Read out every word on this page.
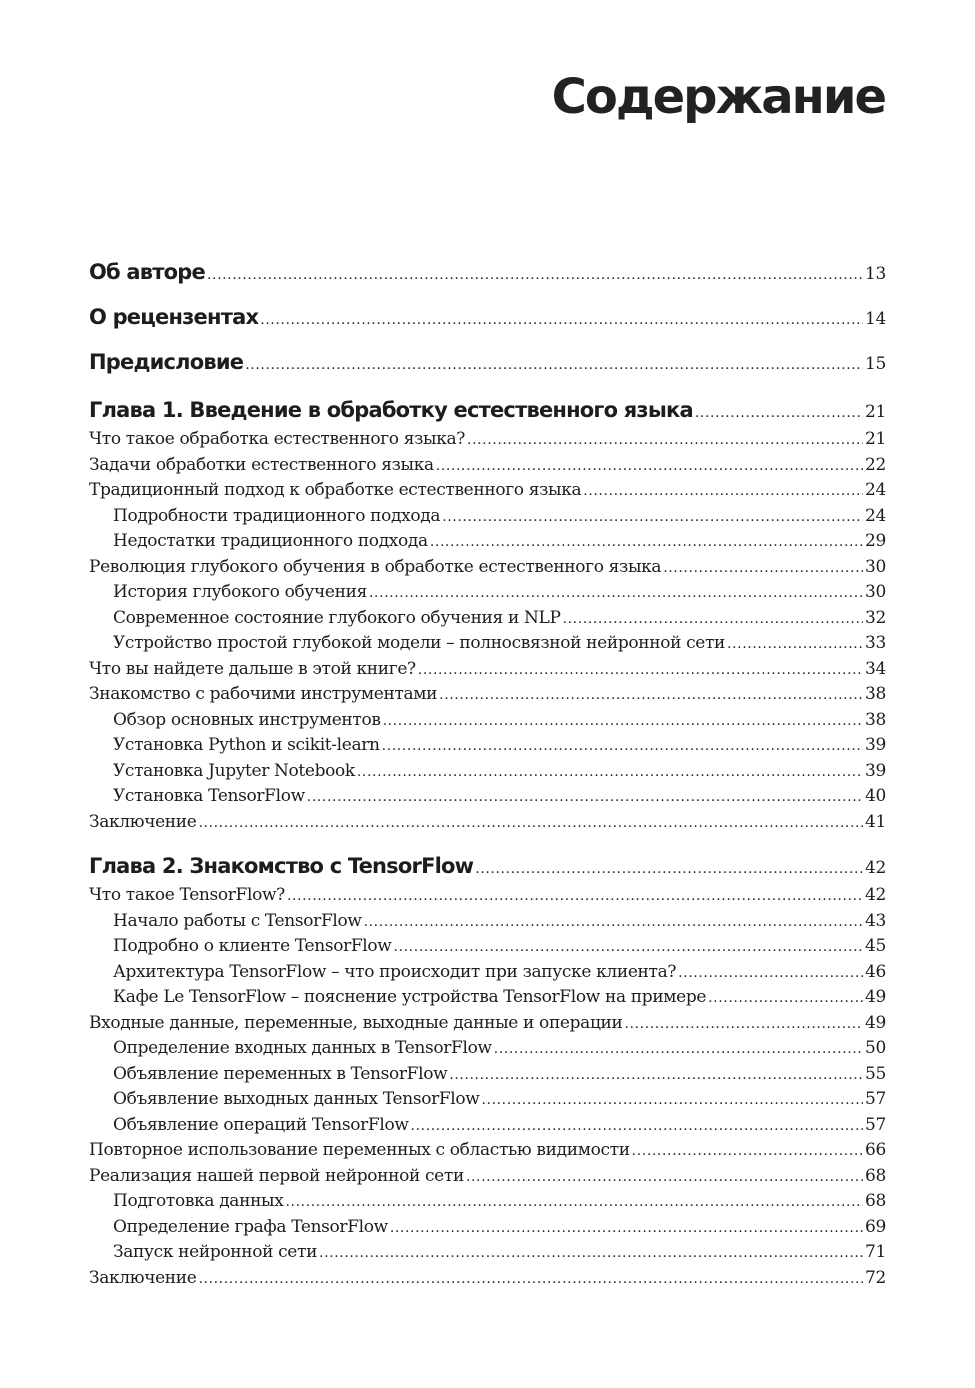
Содержание
Об авторе .....	13
О рецензентах .....	14
Предисловие .....	15
Глава 1. Введение в обработку естественного языка .....	21
Что такое обработка естественного языка? .....	21
Задачи обработки естественного языка .....	22
Традиционный подход к обработке естественного языка .....	24
Подробности традиционного подхода .....	24
Недостатки традиционного подхода .....	29
Революция глубокого обучения в обработке естественного языка .....	30
История глубокого обучения .....	30
Современное состояние глубокого обучения и NLP .....	32
Устройство простой глубокой модели – полносвязной нейронной сети .....	33
Что вы найдете дальше в этой книге? .....	34
Знакомство с рабочими инструментами .....	38
Обзор основных инструментов .....	38
Установка Python и scikit-learn .....	39
Установка Jupyter Notebook .....	39
Установка TensorFlow .....	40
Заключение .....	41
Глава 2. Знакомство с TensorFlow .....	42
Что такое TensorFlow? .....	42
Начало работы с TensorFlow .....	43
Подробно о клиенте TensorFlow .....	45
Архитектура TensorFlow – что происходит при запуске клиента? .....	46
Кафе Le TensorFlow – пояснение устройства TensorFlow на примере .....	49
Входные данные, переменные, выходные данные и операции .....	49
Определение входных данных в TensorFlow .....	50
Объявление переменных в TensorFlow .....	55
Объявление выходных данных TensorFlow .....	57
Объявление операций TensorFlow .....	57
Повторное использование переменных с областью видимости .....	66
Реализация нашей первой нейронной сети .....	68
Подготовка данных .....	68
Определение графа TensorFlow .....	69
Запуск нейронной сети .....	71
Заключение .....	72
